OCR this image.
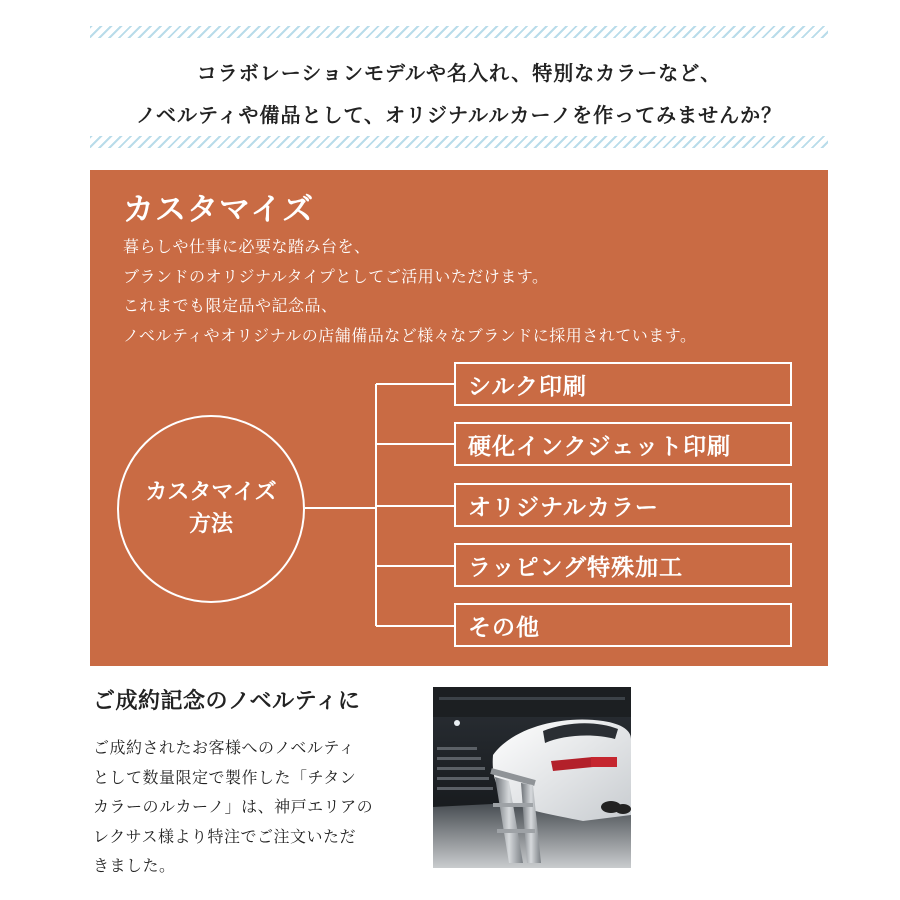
コラボレーションモデルや名入れ、特別なカラーなど、
ノベルティや備品として、オリジナルルカーノを作ってみませんか？
カスタマイズ
暮らしや仕事に必要な踏み台を、
ブランドのオリジナルタイプとしてご活用いただけます。
これまでも限定品や記念品、
ノベルティやオリジナルの店舗備品など様々なブランドに採用されています。
カスタマイズ
方法
シルク印刷
硬化インクジェット印刷
オリジナルカラー
ラッピング特殊加工
その他
ご成約記念のノベルティに
ご成約されたお客様へのノベルティ
として数量限定で製作した「チタン
カラーのルカーノ」は、神戸エリアの
レクサス様より特注でご注文いただ
きました。
